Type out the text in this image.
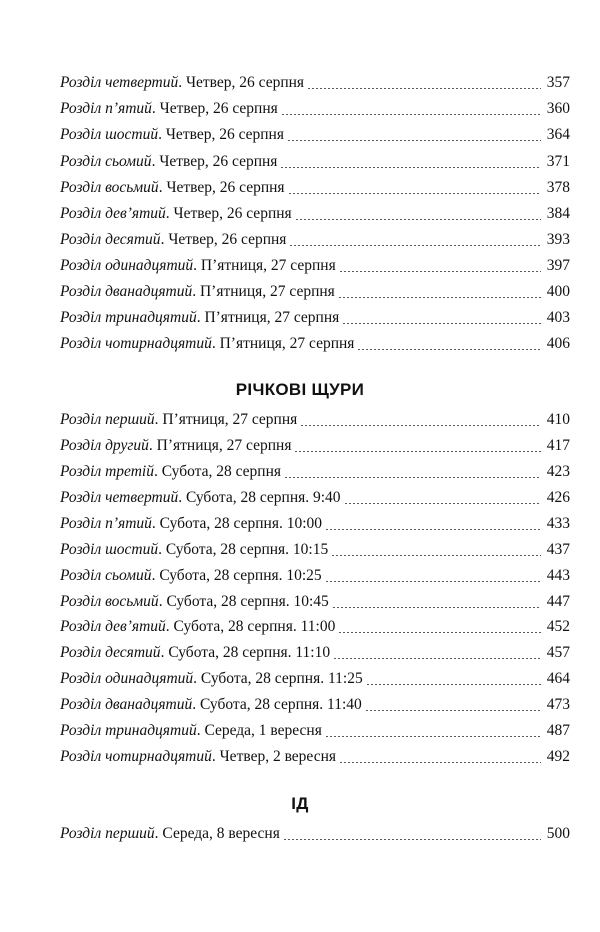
Розділ четвертий . Четвер, 26 серпня	357
Розділ п’ятий . Четвер, 26 серпня	360
Розділ шостий . Четвер, 26 серпня	364
Розділ сьомий . Четвер, 26 серпня	371
Розділ восьмий . Четвер, 26 серпня	378
Розділ дев’ятий . Четвер, 26 серпня	384
Розділ десятий . Четвер, 26 серпня	393
Розділ одинадцятий . П’ятниця, 27 серпня	397
Розділ дванадцятий . П’ятниця, 27 серпня	400
Розділ тринадцятий . П’ятниця, 27 серпня	403
Розділ чотирнадцятий . П’ятниця, 27 серпня	406
РІЧКОВІ ЩУРИ
Розділ перший . П’ятниця, 27 серпня	410
Розділ другий . П’ятниця, 27 серпня	417
Розділ третій . Субота, 28 серпня	423
Розділ четвертий . Субота, 28 серпня. 9:40	426
Розділ п’ятий . Субота, 28 серпня. 10:00	433
Розділ шостий . Субота, 28 серпня. 10:15	437
Розділ сьомий . Субота, 28 серпня. 10:25	443
Розділ восьмий . Субота, 28 серпня. 10:45	447
Розділ дев’ятий . Субота, 28 серпня. 11:00	452
Розділ десятий . Субота, 28 серпня. 11:10	457
Розділ одинадцятий . Субота, 28 серпня. 11:25	464
Розділ дванадцятий . Субота, 28 серпня. 11:40	473
Розділ тринадцятий . Середа, 1 вересня	487
Розділ чотирнадцятий . Четвер, 2 вересня	492
ІД
Розділ перший . Середа, 8 вересня	500
